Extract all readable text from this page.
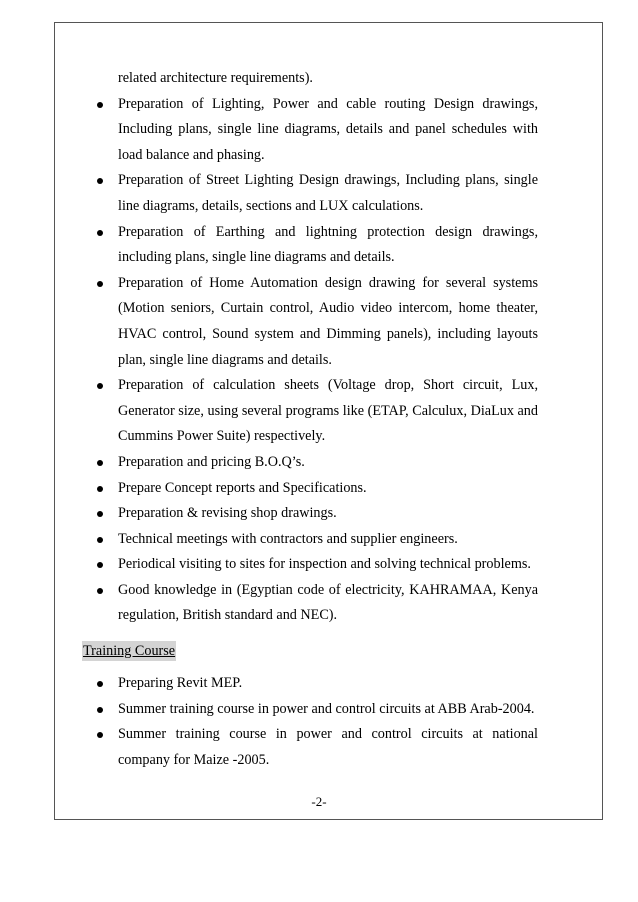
related architecture requirements).

Preparation of Lighting, Power and cable routing Design drawings, Including plans, single line diagrams, details and panel schedules with load balance and phasing.
Preparation of Street Lighting Design drawings, Including plans, single line diagrams, details, sections and LUX calculations.
Preparation of Earthing and lightning protection design drawings, including plans, single line diagrams and details.
Preparation of Home Automation design drawing for several systems (Motion seniors, Curtain control, Audio video intercom, home theater, HVAC control, Sound system and Dimming panels), including layouts plan, single line diagrams and details.
Preparation of calculation sheets (Voltage drop, Short circuit, Lux, Generator size, using several programs like (ETAP, Calculux, DiaLux and Cummins Power Suite) respectively.
Preparation and pricing B.O.Q’s.
Prepare Concept reports and Specifications.
Preparation & revising shop drawings.
Technical meetings with contractors and supplier engineers.
Periodical visiting to sites for inspection and solving technical problems.
Good knowledge in (Egyptian code of electricity, KAHRAMAA, Kenya regulation, British standard and NEC).
Training Course
Preparing Revit MEP.
Summer training course in power and control circuits at ABB Arab-2004.
Summer training course in power and control circuits at national company for Maize -2005.
-2-
